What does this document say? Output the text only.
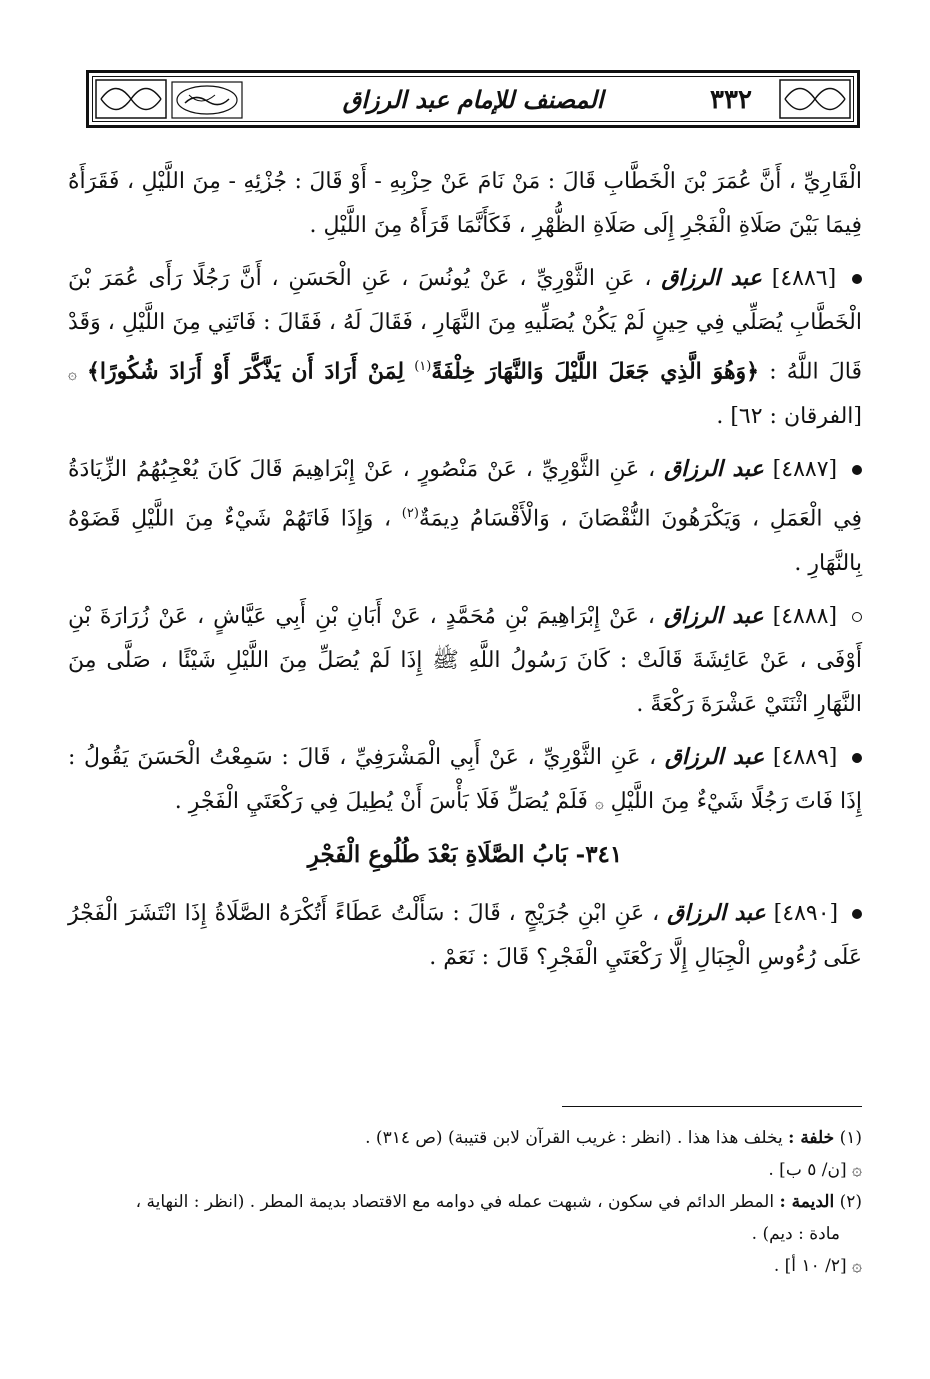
٣٣٢
المصنف للإمام عبد الرزاق

الْقَارِيِّ ، أَنَّ عُمَرَ بْنَ الْخَطَّابِ قَالَ : مَنْ نَامَ عَنْ حِزْبِهِ - أَوْ قَالَ : جُزْئِهِ - مِنَ اللَّيْلِ ، فَقَرَأَهُ فِيمَا بَيْنَ صَلَاةِ الْفَجْرِ إِلَى صَلَاةِ الظُّهْرِ ، فَكَأَنَّمَا قَرَأَهُ مِنَ اللَّيْلِ .

[٤٨٨٦] عبد الرزاق ، عَنِ الثَّوْرِيِّ ، عَنْ يُونُسَ ، عَنِ الْحَسَنِ ، أَنَّ رَجُلًا رَأَى عُمَرَ بْنَ الْخَطَّابِ يُصَلِّي فِي حِينٍ لَمْ يَكُنْ يُصَلِّيهِ مِنَ النَّهَارِ ، فَقَالَ لَهُ ، فَقَالَ : فَاتَنِي مِنَ اللَّيْلِ ، وَقَدْ قَالَ اللَّهُ : ﴿وَهُوَ الَّذِي جَعَلَ اللَّيْلَ وَالنَّهَارَ خِلْفَةً$^{(١)}$ لِمَنْ أَرَادَ أَن يَذَّكَّرَ أَوْ أَرَادَ شُكُورًا﴾ ۞ [الفرقان : ٦٢] .

[٤٨٨٧] عبد الرزاق ، عَنِ الثَّوْرِيِّ ، عَنْ مَنْصُورٍ ، عَنْ إِبْرَاهِيمَ قَالَ كَانَ يُعْجِبُهُمُ الزِّيَادَةُ فِي الْعَمَلِ ، وَيَكْرَهُونَ النُّقْصَانَ ، وَالْأَقْسَامُ دِيمَةٌ$^{(٢)}$ ، وَإِذَا فَاتَهُمْ شَيْءٌ مِنَ اللَّيْلِ قَضَوْهُ بِالنَّهَارِ .

[٤٨٨٨] عبد الرزاق ، عَنْ إِبْرَاهِيمَ بْنِ مُحَمَّدٍ ، عَنْ أَبَانِ بْنِ أَبِي عَيَّاشٍ ، عَنْ زُرَارَةَ بْنِ أَوْفَى ، عَنْ عَائِشَةَ قَالَتْ : كَانَ رَسُولُ اللَّهِ ﷺ إِذَا لَمْ يُصَلِّ مِنَ اللَّيْلِ شَيْئًا ، صَلَّى مِنَ النَّهَارِ اثْنَتَيْ عَشْرَةَ رَكْعَةً .

[٤٨٨٩] عبد الرزاق ، عَنِ الثَّوْرِيِّ ، عَنْ أَبِي الْمَشْرَفِيِّ ، قَالَ : سَمِعْتُ الْحَسَنَ يَقُولُ : إِذَا فَاتَ رَجُلًا شَيْءٌ مِنَ اللَّيْلِ ۞ فَلَمْ يُصَلِّ فَلَا بَأْسَ أَنْ يُطِيلَ فِي رَكْعَتَيِ الْفَجْرِ .

٣٤١- بَابُ الصَّلَاةِ بَعْدَ طُلُوعِ الْفَجْرِ

[٤٨٩٠] عبد الرزاق ، عَنِ ابْنِ جُرَيْجٍ ، قَالَ : سَأَلْتُ عَطَاءً أَتُكْرَهُ الصَّلَاةُ إِذَا انْتَشَرَ الْفَجْرُ عَلَى رُءُوسِ الْجِبَالِ إِلَّا رَكْعَتَيِ الْفَجْرِ؟ قَالَ : نَعَمْ .

(١) خلفة : يخلف هذا هذا . (انظر : غريب القرآن لابن قتيبة) (ص ٣١٤) .

۞ [ن/ ٥ ب] .

(٢) الديمة : المطر الدائم في سكون ، شبهت عمله في دوامه مع الاقتصاد بديمة المطر . (انظر : النهاية ،

مادة : ديم) .

۞ [٢/ ١٠ أ] .
